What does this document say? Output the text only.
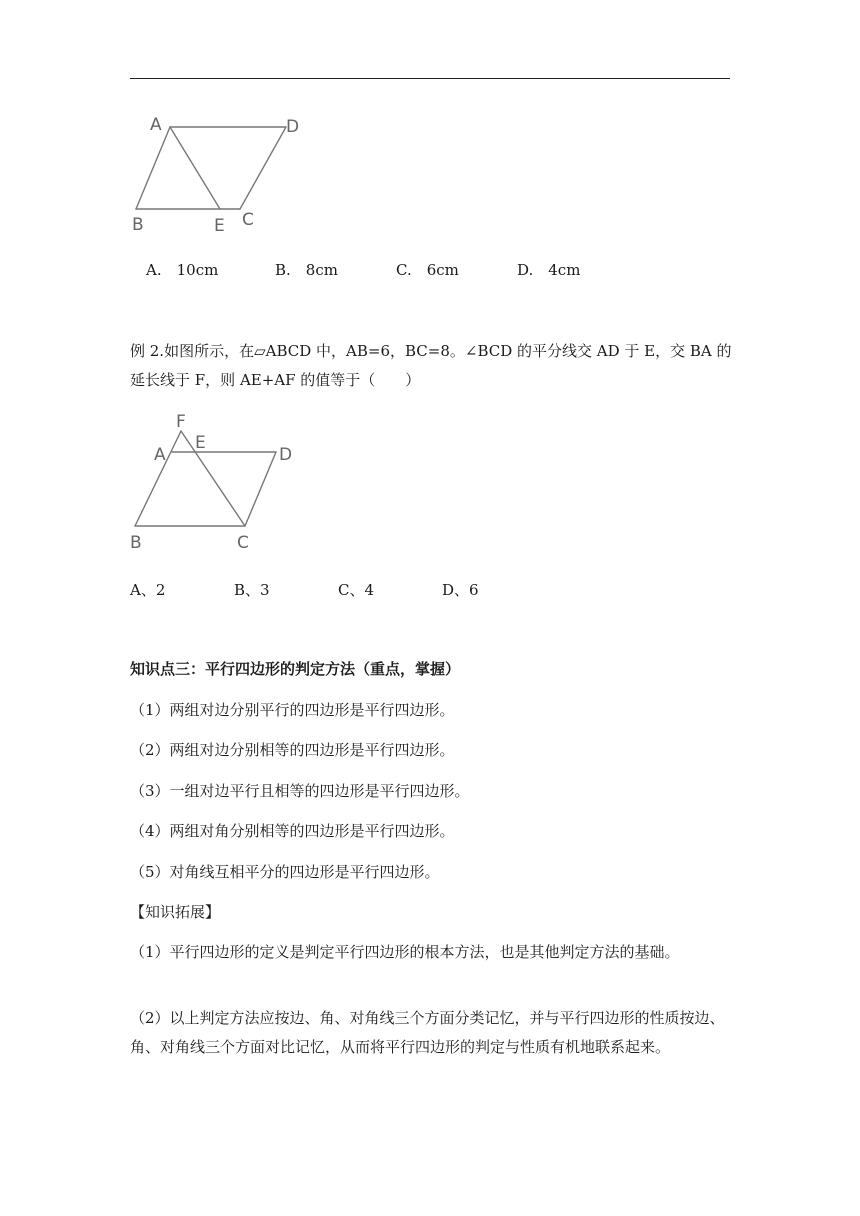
A	D
B	E C
A.　10cm	B.　8cm	C.　6cm	D.　4cm
例 2.如图所示，在▱ABCD 中，AB=6，BC=8。∠BCD 的平分线交 AD 于 E，交 BA 的延长线于 F，则 AE+AF 的值等于（　　）
F
E
A	D
B	C
A、2	B、3	C、4	D、6
知识点三：平行四边形的判定方法（重点，掌握）
（1）两组对边分别平行的四边形是平行四边形。
（2）两组对边分别相等的四边形是平行四边形。
（3）一组对边平行且相等的四边形是平行四边形。
（4）两组对角分别相等的四边形是平行四边形。
（5）对角线互相平分的四边形是平行四边形。
【知识拓展】
（1）平行四边形的定义是判定平行四边形的根本方法，也是其他判定方法的基础。
（2）以上判定方法应按边、角、对角线三个方面分类记忆，并与平行四边形的性质按边、角、对角线三个方面对比记忆，从而将平行四边形的判定与性质有机地联系起来。
